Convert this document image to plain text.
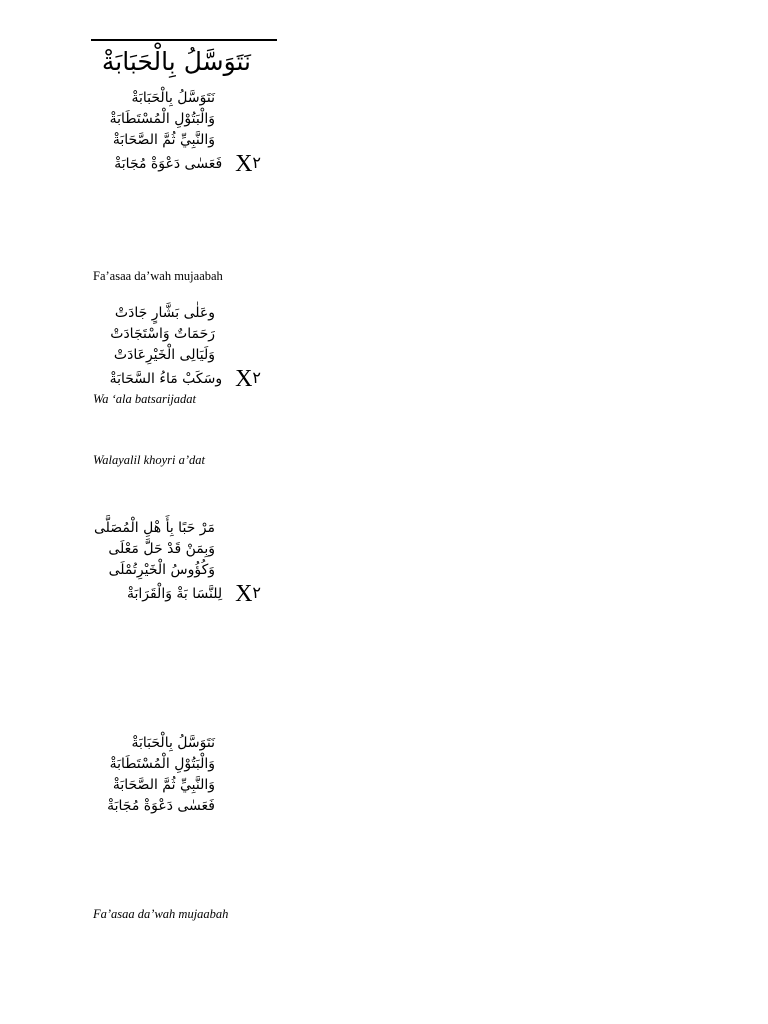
نَتَوَسَّلُ بِالْحَبَابَةْ
نَتَوَسَّلُ بِالْحَبَابَةْ
وَالْبَتُوْلِ الْمُسْتَطَابَةْ
وَالنَّبِيِّ ثُمَّ الصَّحَابَةْ
X٢  فَعَسٰى دَعْوَةْ مُجَابَةْ
Fa’asaa da’wah mujaabah
وعَلٰى بَشَّارٍ جَادَتْ
رَحَمَاتٌ وَاسْتَجَادَتْ
وَلَيَالِى الْخَيْرِعَادَتْ
X٢  وسَكَبْ مَاءُ السَّحَابَةْ
Wa ‘ala batsarijadat
Walayalil khoyri a’dat
مَرْ حَبًا بِأَ هْلِ الْمُصَلَّى
وَبِمَنْ قَدْ حَلَّ مَعْلَى
وَكُؤُوسُ الْخَيْرِتُمْلَى
X٢  لِلنَّسَا بَةْ وَالْقَرَابَةْ
نَتَوَسَّلُ بِالْحَبَابَةْ
وَالْبَتُوْلِ الْمُسْتَطَابَةْ
وَالنَّبِيِّ ثُمَّ الصَّحَابَةْ
فَعَسٰى دَعْوَةْ مُجَابَةْ
Fa’asaa da’wah mujaabah
